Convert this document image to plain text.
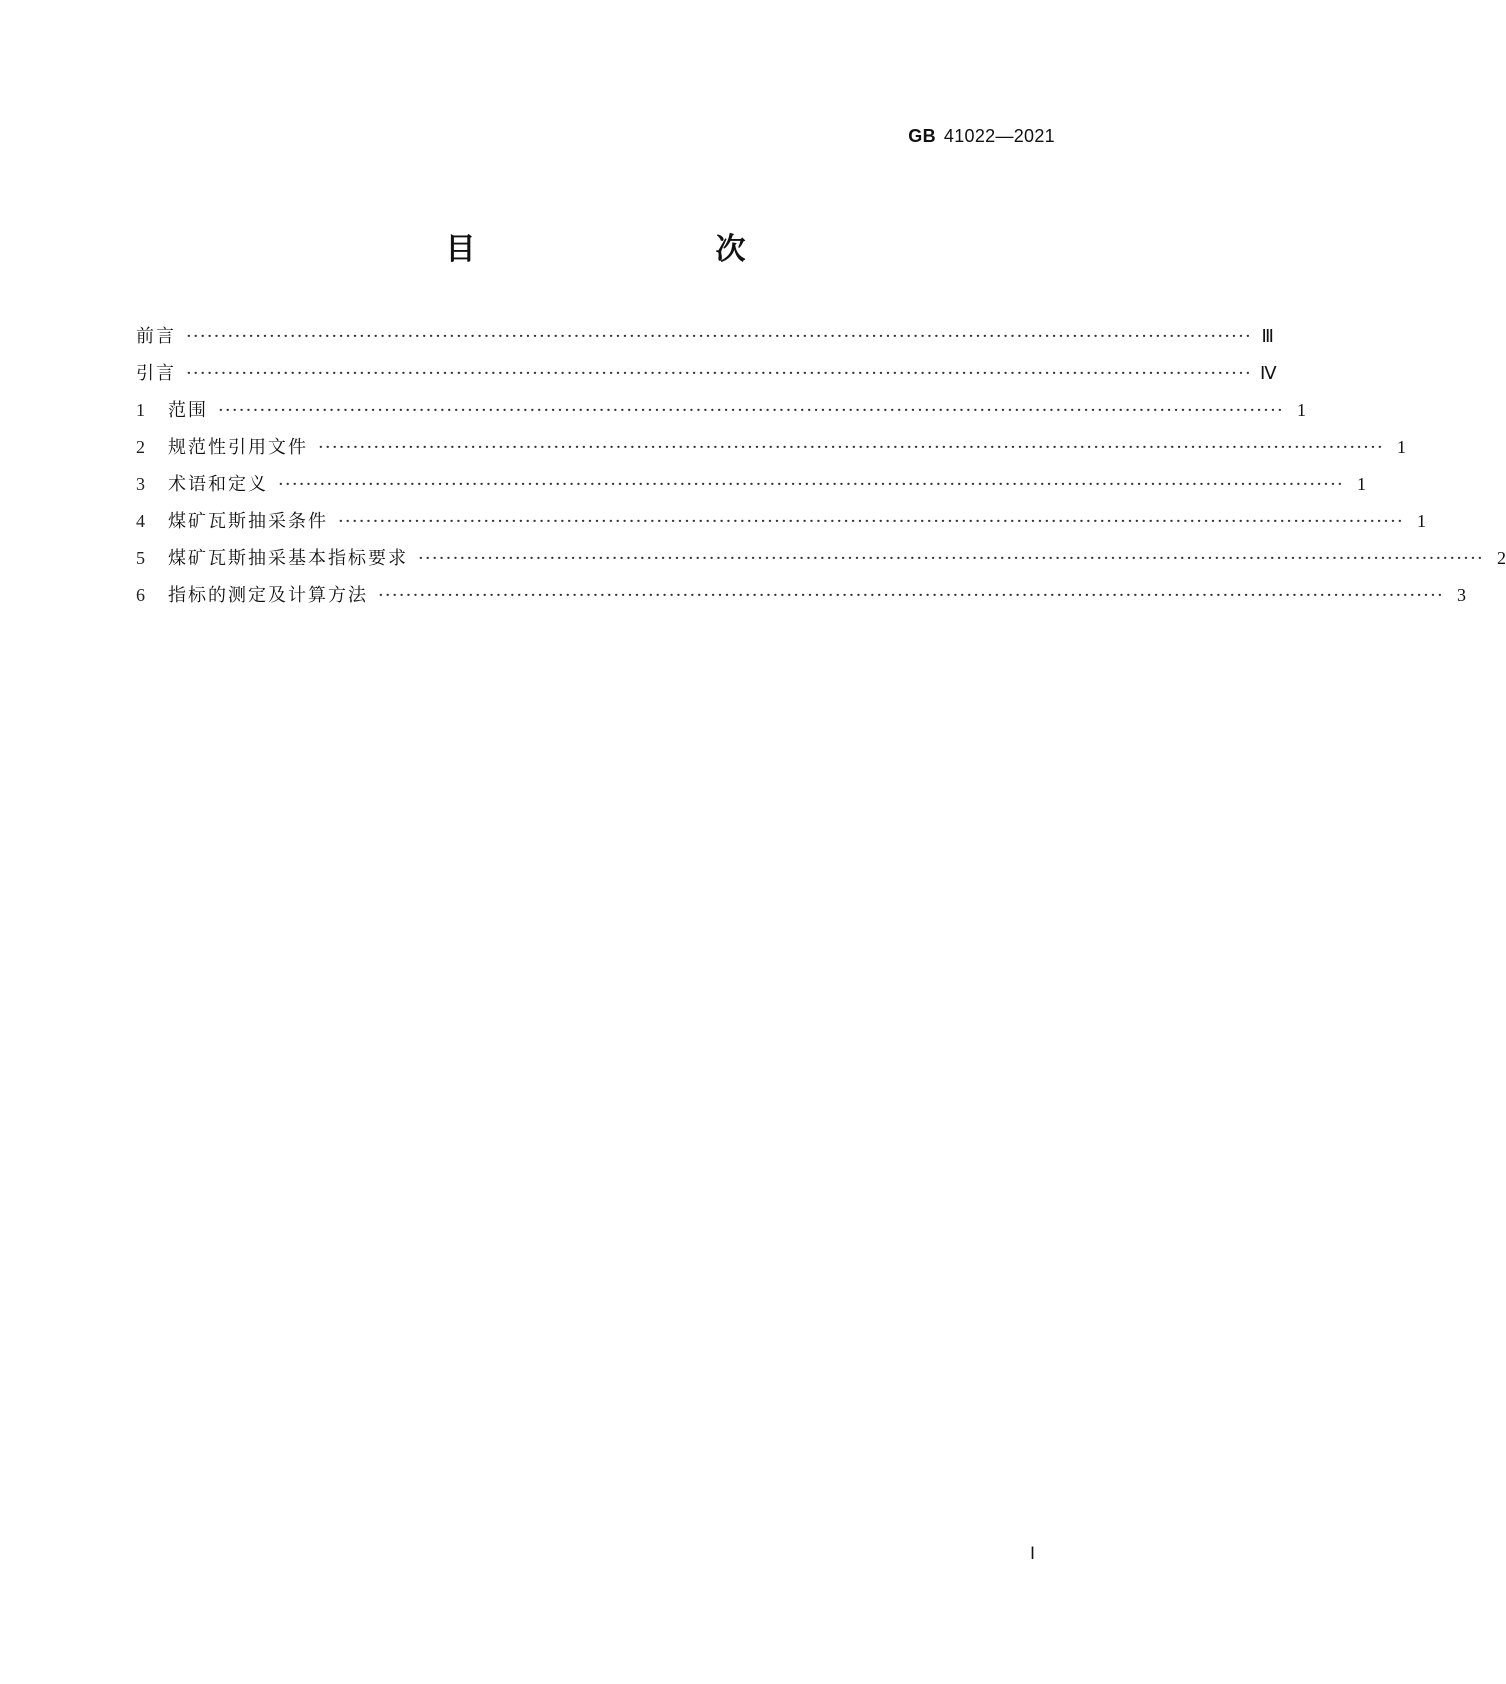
GB 41022—2021
目　　次
前言 ·························································································································································· Ⅲ
引言 ·························································································································································· Ⅳ
1	范围 ·························································································································································· 1
2	规范性引用文件 ·························································································································································· 1
3	术语和定义 ·························································································································································· 1
4	煤矿瓦斯抽采条件 ·························································································································································· 1
5	煤矿瓦斯抽采基本指标要求 ·························································································································································· 2
6	指标的测定及计算方法 ·························································································································································· 3
Ⅰ
